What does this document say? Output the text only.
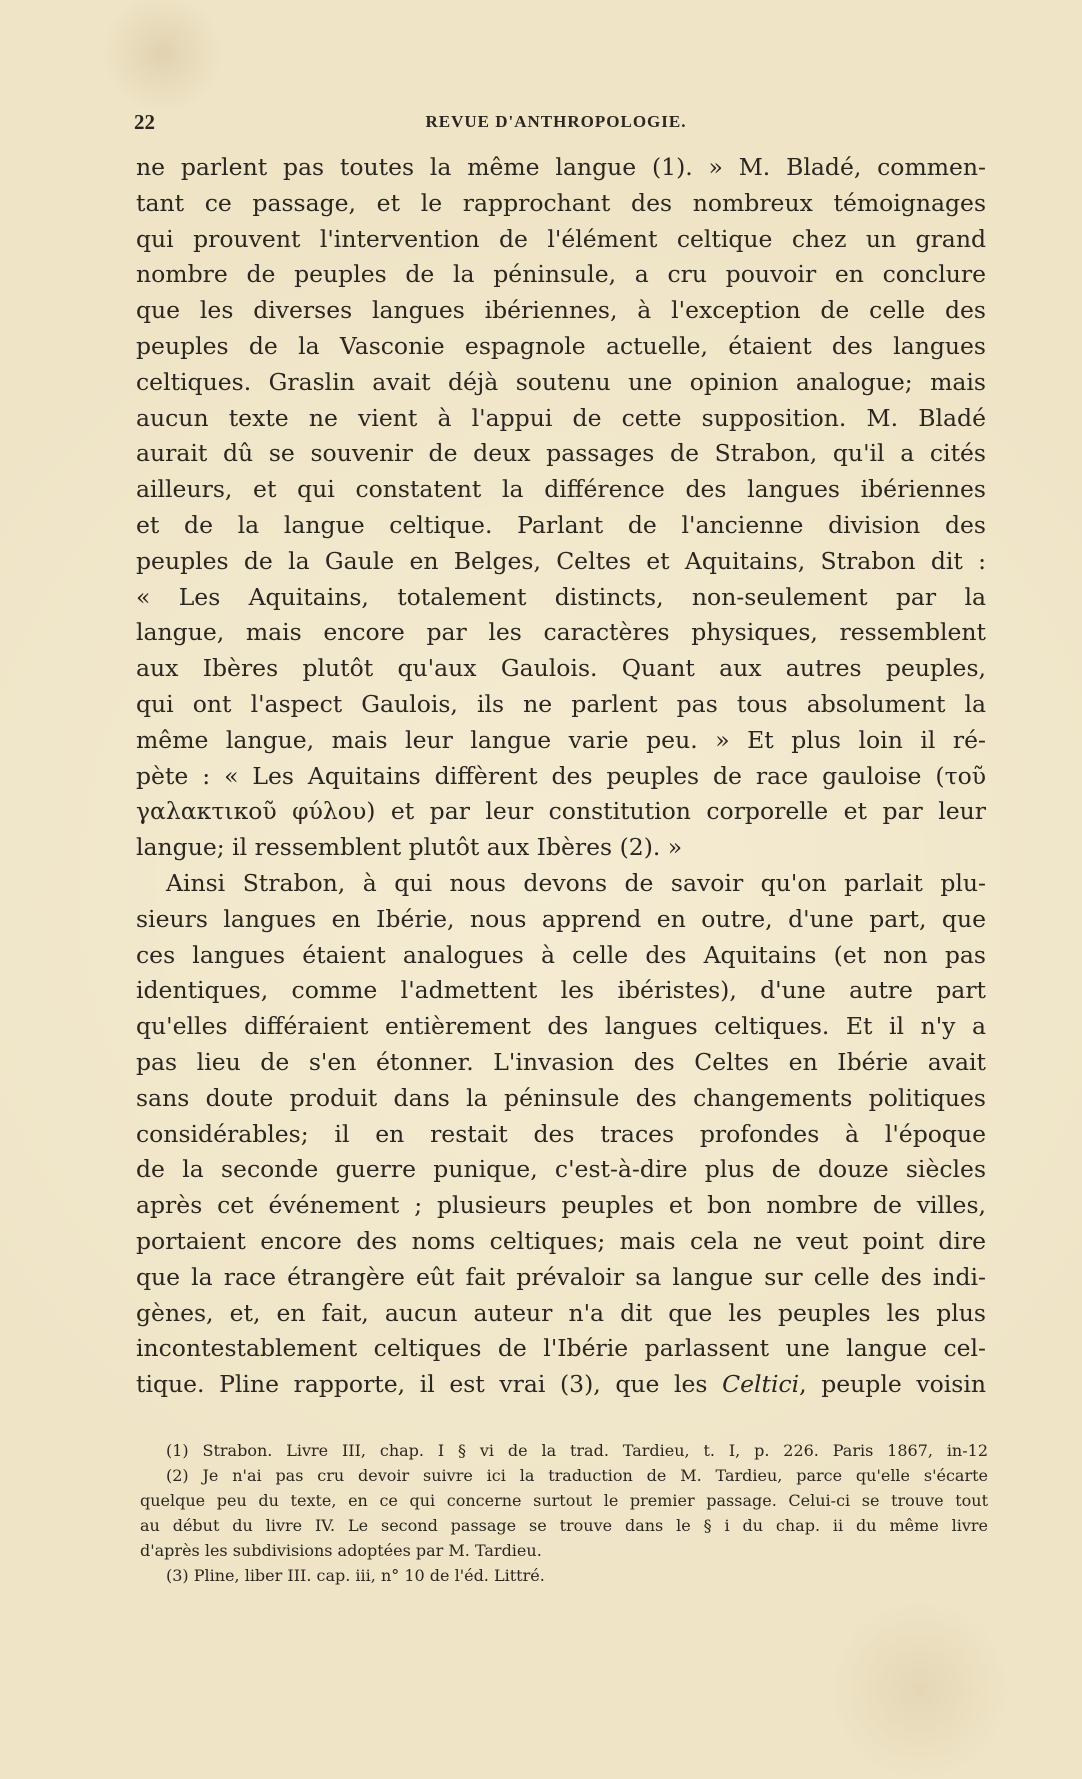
22	REVUE D'ANTHROPOLOGIE.
ne parlent pas toutes la même langue (1). » M. Bladé, commen-
tant ce passage, et le rapprochant des nombreux témoignages
qui prouvent l'intervention de l'élément celtique chez un grand
nombre de peuples de la péninsule, a cru pouvoir en conclure
que les diverses langues ibériennes, à l'exception de celle des
peuples de la Vasconie espagnole actuelle, étaient des langues
celtiques. Graslin avait déjà soutenu une opinion analogue; mais
aucun texte ne vient à l'appui de cette supposition. M. Bladé
aurait dû se souvenir de deux passages de Strabon, qu'il a cités
ailleurs, et qui constatent la différence des langues ibériennes
et de la langue celtique. Parlant de l'ancienne division des
peuples de la Gaule en Belges, Celtes et Aquitains, Strabon dit :
« Les Aquitains, totalement distincts, non-seulement par la
langue, mais encore par les caractères physiques, ressemblent
aux Ibères plutôt qu'aux Gaulois. Quant aux autres peuples,
qui ont l'aspect Gaulois, ils ne parlent pas tous absolument la
même langue, mais leur langue varie peu. » Et plus loin il ré-
pète : « Les Aquitains diffèrent des peuples de race gauloise (τοῦ
γαλακτικοῦ φύλου) et par leur constitution corporelle et par leur
langue; il ressemblent plutôt aux Ibères (2). »
Ainsi Strabon, à qui nous devons de savoir qu'on parlait plu-
sieurs langues en Ibérie, nous apprend en outre, d'une part, que
ces langues étaient analogues à celle des Aquitains (et non pas
identiques, comme l'admettent les ibéristes), d'une autre part
qu'elles différaient entièrement des langues celtiques. Et il n'y a
pas lieu de s'en étonner. L'invasion des Celtes en Ibérie avait
sans doute produit dans la péninsule des changements politiques
considérables; il en restait des traces profondes à l'époque
de la seconde guerre punique, c'est-à-dire plus de douze siècles
après cet événement ; plusieurs peuples et bon nombre de villes,
portaient encore des noms celtiques; mais cela ne veut point dire
que la race étrangère eût fait prévaloir sa langue sur celle des indi-
gènes, et, en fait, aucun auteur n'a dit que les peuples les plus
incontestablement celtiques de l'Ibérie parlassent une langue cel-
tique. Pline rapporte, il est vrai (3), que les Celtici, peuple voisin
(1) Strabon. Livre III, chap. I § vi de la trad. Tardieu, t. I, p. 226. Paris 1867, in-12
(2) Je n'ai pas cru devoir suivre ici la traduction de M. Tardieu, parce qu'elle s'écarte
quelque peu du texte, en ce qui concerne surtout le premier passage. Celui-ci se trouve tout
au début du livre IV. Le second passage se trouve dans le § i du chap. ii du même livre
d'après les subdivisions adoptées par M. Tardieu.
(3) Pline, liber III. cap. iii, n° 10 de l'éd. Littré.
